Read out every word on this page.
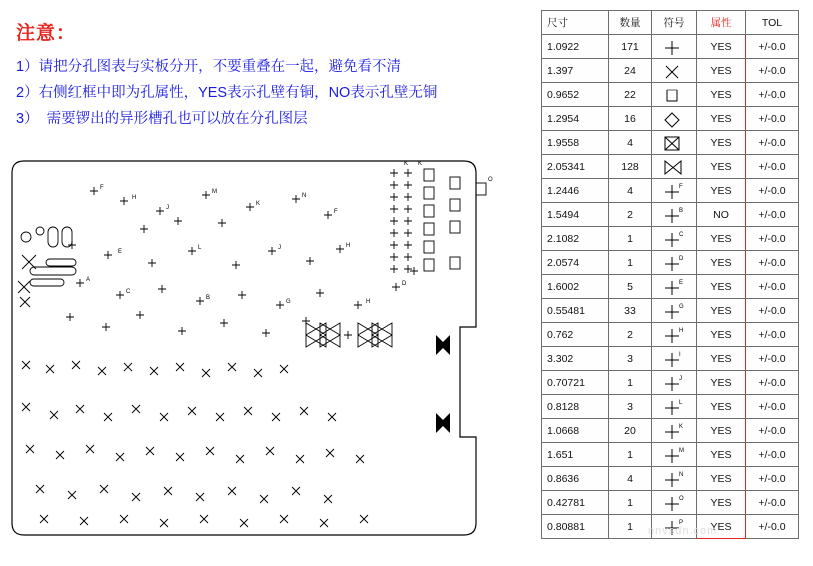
注意：
1）请把分孔图表与实板分开，不要重叠在一起，避免看不清
2）右侧红框中即为孔属性，YES表示孔壁有铜，NO表示孔壁无铜
3）  需要锣出的异形槽孔也可以放在分孔图层
F
H
J
M
K
N
F
K K
E
L	J	H
A
C
B
G	H
D
O
尺寸	数量	符号	属性	TOL
1.0922	171		YES	+/-0.0
1.397	24		YES	+/-0.0
0.9652	22		YES	+/-0.0
1.2954	16		YES	+/-0.0
1.9558	4		YES	+/-0.0
2.05341	128		YES	+/-0.0
1.2446	4	F	YES	+/-0.0
1.5494	2	B	NO	+/-0.0
2.1082	1	C	YES	+/-0.0
2.0574	1	D	YES	+/-0.0
1.6002	5	E	YES	+/-0.0
0.55481	33	G	YES	+/-0.0
0.762	2	H	YES	+/-0.0
3.302	3	I	YES	+/-0.0
0.70721	1	J	YES	+/-0.0
0.8128	3	L	YES	+/-0.0
1.0668	20	K	YES	+/-0.0
1.651	1	M	YES	+/-0.0
0.8636	4	N	YES	+/-0.0
0.42781	1	O	YES	+/-0.0
0.80881	1	P	YES	+/-0.0
nnvsdn.com
